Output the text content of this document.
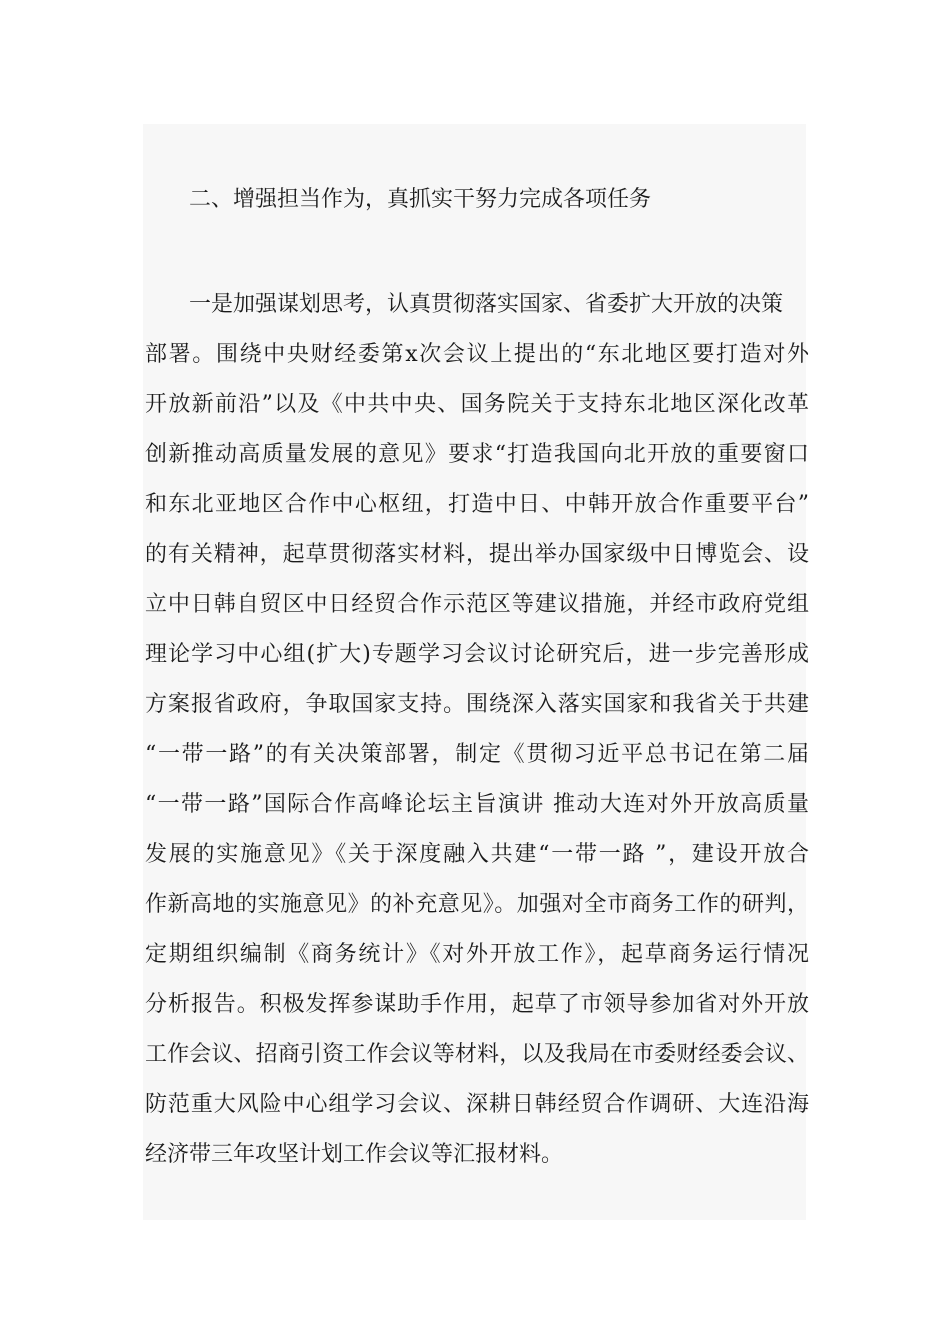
二、增强担当作为，真抓实干努力完成各项任务
一是加强谋划思考，认真贯彻落实国家、省委扩大开放的决策
部署。围绕中央财经委第x次会议上提出的“东北地区要打造对外
开放新前沿”以及《中共中央、国务院关于支持东北地区深化改革
创新推动高质量发展的意见》要求“打造我国向北开放的重要窗口
和东北亚地区合作中心枢纽，打造中日、中韩开放合作重要平台”
的有关精神，起草贯彻落实材料，提出举办国家级中日博览会、设
立中日韩自贸区中日经贸合作示范区等建议措施，并经市政府党组
理论学习中心组(扩大)专题学习会议讨论研究后，进一步完善形成
方案报省政府，争取国家支持。围绕深入落实国家和我省关于共建
“一带一路”的有关决策部署，制定《贯彻习近平总书记在第二届
“一带一路”国际合作高峰论坛主旨演讲 推动大连对外开放高质量
发展的实施意见》《关于深度融入共建“一带一路 ”，建设开放合
作新高地的实施意见》的补充意见》。加强对全市商务工作的研判，
定期组织编制《商务统计》《对外开放工作》，起草商务运行情况
分析报告。积极发挥参谋助手作用，起草了市领导参加省对外开放
工作会议、招商引资工作会议等材料，以及我局在市委财经委会议、
防范重大风险中心组学习会议、深耕日韩经贸合作调研、大连沿海
经济带三年攻坚计划工作会议等汇报材料。
